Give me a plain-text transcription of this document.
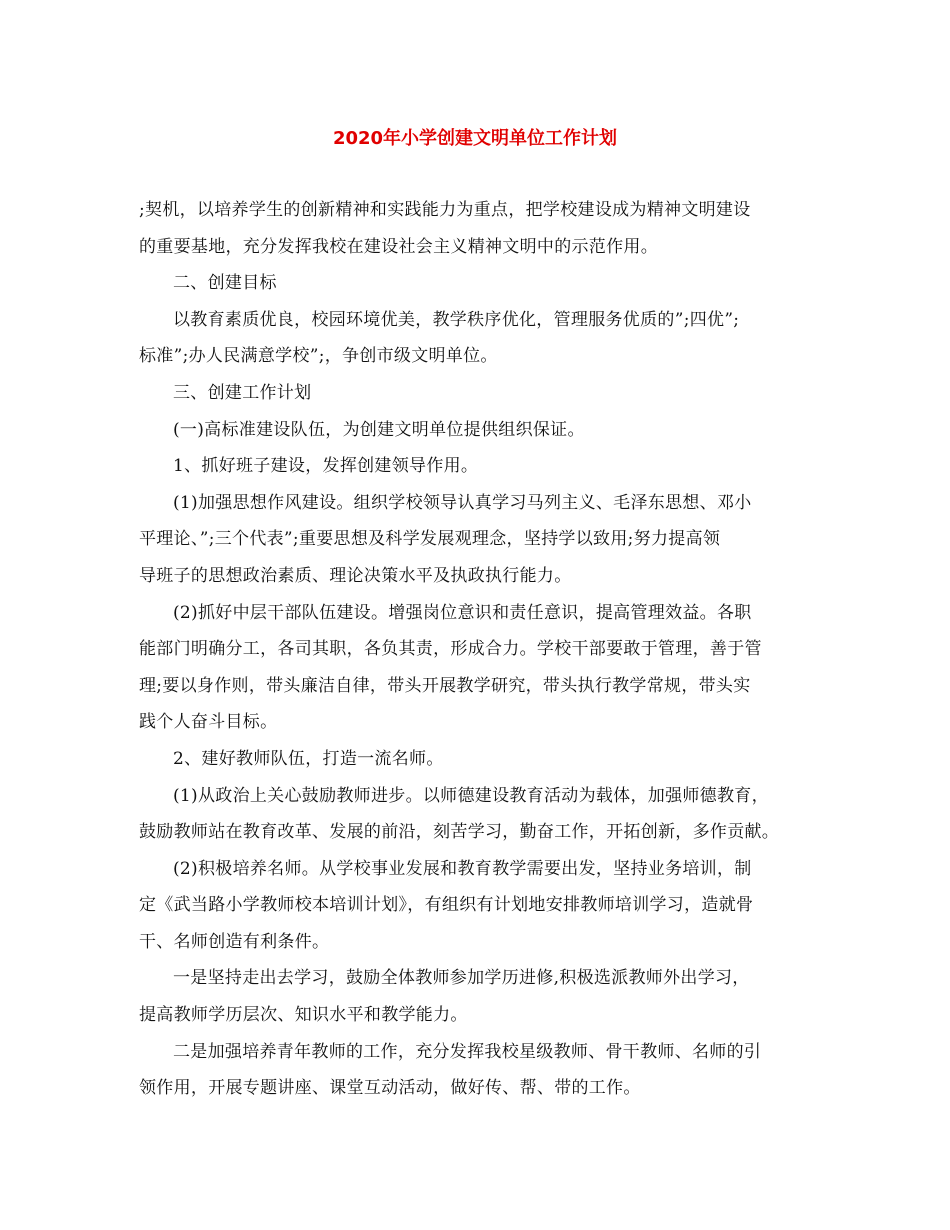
2020年小学创建文明单位工作计划
;契机，以培养学生的创新精神和实践能力为重点，把学校建设成为精神文明建设
的重要基地，充分发挥我校在建设社会主义精神文明中的示范作用。
二、创建目标
以教育素质优良，校园环境优美，教学秩序优化，管理服务优质的”;四优”;
标准”;办人民满意学校”;，争创市级文明单位。
三、创建工作计划
(一)高标准建设队伍，为创建文明单位提供组织保证。
1、抓好班子建设，发挥创建领导作用。
(1)加强思想作风建设。组织学校领导认真学习马列主义、毛泽东思想、邓小
平理论、”;三个代表”;重要思想及科学发展观理念，坚持学以致用;努力提高领
导班子的思想政治素质、理论决策水平及执政执行能力。
(2)抓好中层干部队伍建设。增强岗位意识和责任意识，提高管理效益。各职
能部门明确分工，各司其职，各负其责，形成合力。学校干部要敢于管理，善于管
理;要以身作则，带头廉洁自律，带头开展教学研究，带头执行教学常规，带头实
践个人奋斗目标。
2、建好教师队伍，打造一流名师。
(1)从政治上关心鼓励教师进步。以师德建设教育活动为载体，加强师德教育，
鼓励教师站在教育改革、发展的前沿，刻苦学习，勤奋工作，开拓创新，多作贡献。
(2)积极培养名师。从学校事业发展和教育教学需要出发，坚持业务培训，制
定《武当路小学教师校本培训计划》，有组织有计划地安排教师培训学习，造就骨
干、名师创造有利条件。
一是坚持走出去学习，鼓励全体教师参加学历进修,积极选派教师外出学习，
提高教师学历层次、知识水平和教学能力。
二是加强培养青年教师的工作，充分发挥我校星级教师、骨干教师、名师的引
领作用，开展专题讲座、课堂互动活动，做好传、帮、带的工作。
